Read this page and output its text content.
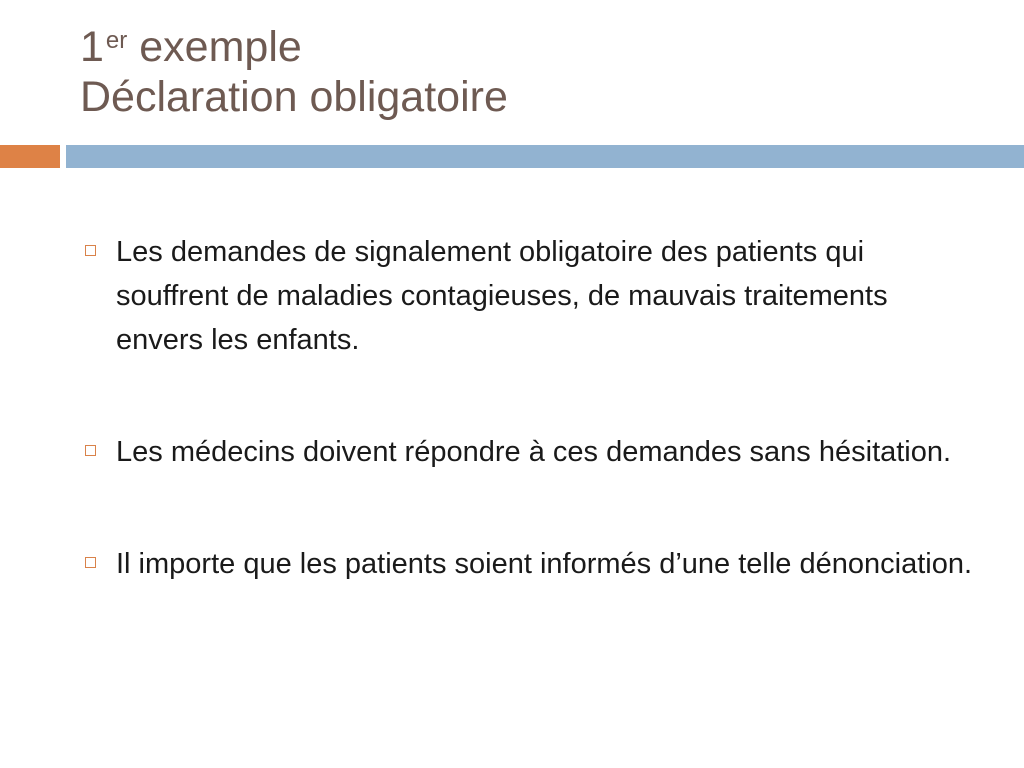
1er exemple
Déclaration obligatoire
Les demandes de signalement obligatoire des patients qui souffrent de maladies contagieuses, de mauvais traitements envers les enfants.
Les médecins doivent répondre à ces demandes sans hésitation.
Il importe que les patients soient informés d’une telle dénonciation.
